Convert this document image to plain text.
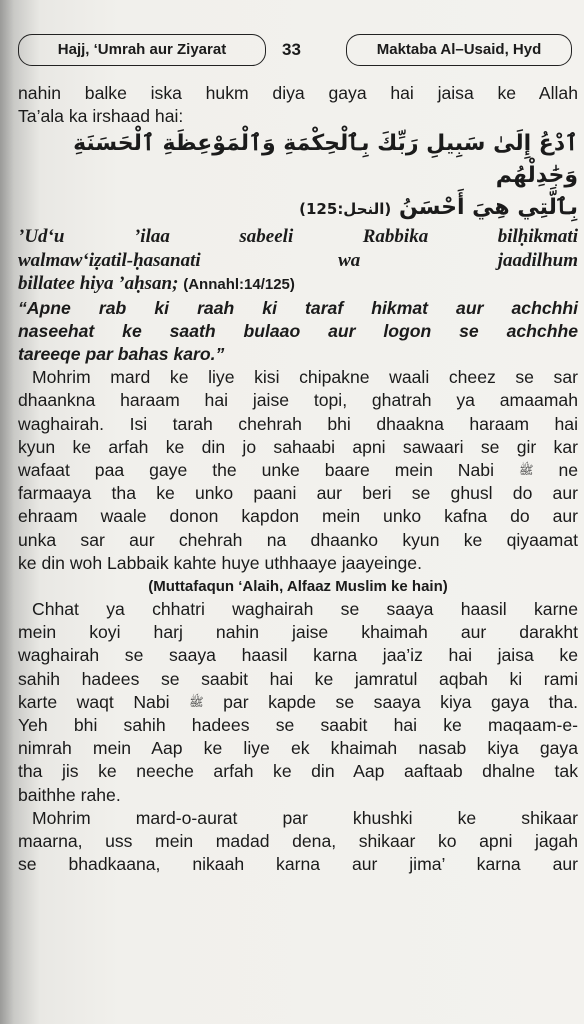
Hajj, ‘Umrah aur Ziyarat	33	Maktaba Al–Usaid, Hyd

nahin balke iska hukm diya gaya hai jaisa ke Allah

Ta’ala ka irshaad hai:

ٱدْعُ إِلَىٰ سَبِيلِ رَبِّكَ بِٱلْحِكْمَةِ وَٱلْمَوْعِظَةِ ٱلْحَسَنَةِ وَجَٰدِلْهُم

بِٱلَّتِي هِيَ أَحْسَنُ (النحل:125)

’Ud‘u ’ilaa sabeeli Rabbika bilḥikmati

walmaw‘iẓatil-ḥasanati wa jaadilhum

billatee hiya ’aḥsan; (Annahl:14/125)

“Apne rab ki raah ki taraf hikmat aur achchhi

naseehat ke saath bulaao aur logon se achchhe

tareeqe par bahas karo.”

Mohrim mard ke liye kisi chipakne waali cheez se sar

dhaankna haraam hai jaise topi, ghatrah ya amaamah

waghairah. Isi tarah chehrah bhi dhaakna haraam hai

kyun ke arfah ke din jo sahaabi apni sawaari se gir kar

wafaat paa gaye the unke baare mein Nabi ﷺ ne

farmaaya tha ke unko paani aur beri se ghusl do aur

ehraam waale donon kapdon mein unko kafna do aur

unka sar aur chehrah na dhaanko kyun ke qiyaamat

ke din woh Labbaik kahte huye uthhaaye jaayeinge.

(Muttafaqun ‘Alaih, Alfaaz Muslim ke hain)

Chhat ya chhatri waghairah se saaya haasil karne

mein koyi harj nahin jaise khaimah aur darakht

waghairah se saaya haasil karna jaa’iz hai jaisa ke

sahih hadees se saabit hai ke jamratul aqbah ki rami

karte waqt Nabi ﷺ par kapde se saaya kiya gaya tha.

Yeh bhi sahih hadees se saabit hai ke maqaam-e-

nimrah mein Aap ke liye ek khaimah nasab kiya gaya

tha jis ke neeche arfah ke din Aap aaftaab dhalne tak

baithhe rahe.

Mohrim mard-o-aurat par khushki ke shikaar

maarna, uss mein madad dena, shikaar ko apni jagah

se bhadkaana, nikaah karna aur jima’ karna aur
